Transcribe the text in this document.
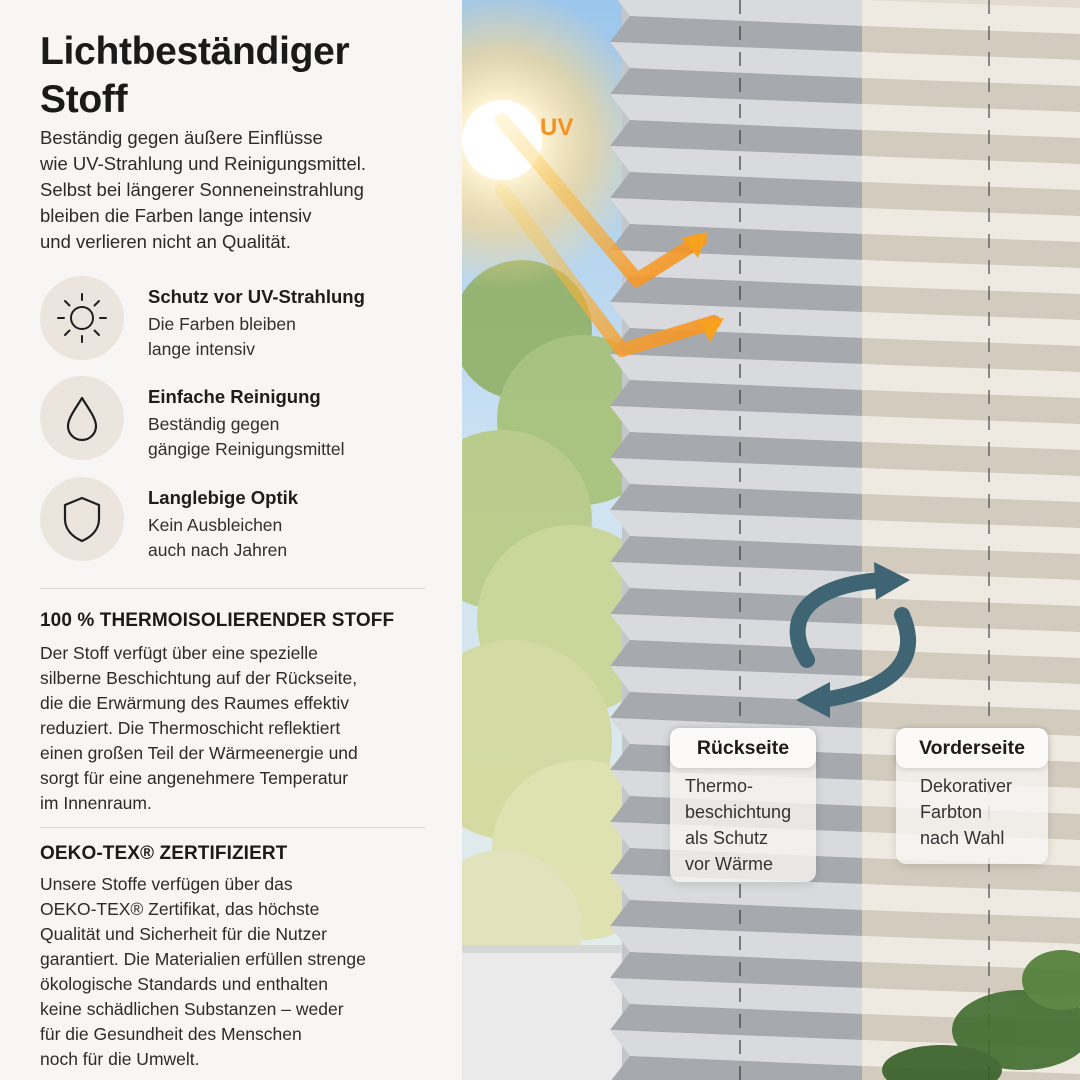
Lichtbeständiger
Stoff
Beständig gegen äußere Einflüsse
wie UV-Strahlung und Reinigungsmittel.
Selbst bei längerer Sonneneinstrahlung
bleiben die Farben lange intensiv
und verlieren nicht an Qualität.
Schutz vor UV-Strahlung
Die Farben bleiben
lange intensiv
Einfache Reinigung
Beständig gegen
gängige Reinigungsmittel
Langlebige Optik
Kein Ausbleichen
auch nach Jahren
100 % THERMOISOLIERENDER STOFF
Der Stoff verfügt über eine spezielle
silberne Beschichtung auf der Rückseite,
die die Erwärmung des Raumes effektiv
reduziert. Die Thermoschicht reflektiert
einen großen Teil der Wärmeenergie und
sorgt für eine angenehmere Temperatur
im Innenraum.
OEKO-TEX® ZERTIFIZIERT
Unsere Stoffe verfügen über das
OEKO-TEX® Zertifikat, das höchste
Qualität und Sicherheit für die Nutzer
garantiert. Die Materialien erfüllen strenge
ökologische Standards und enthalten
keine schädlichen Substanzen – weder
für die Gesundheit des Menschen
noch für die Umwelt.
UV
Rückseite
Thermo-
beschichtung
als Schutz
vor Wärme
Vorderseite
Dekorativer
Farbton
nach Wahl
